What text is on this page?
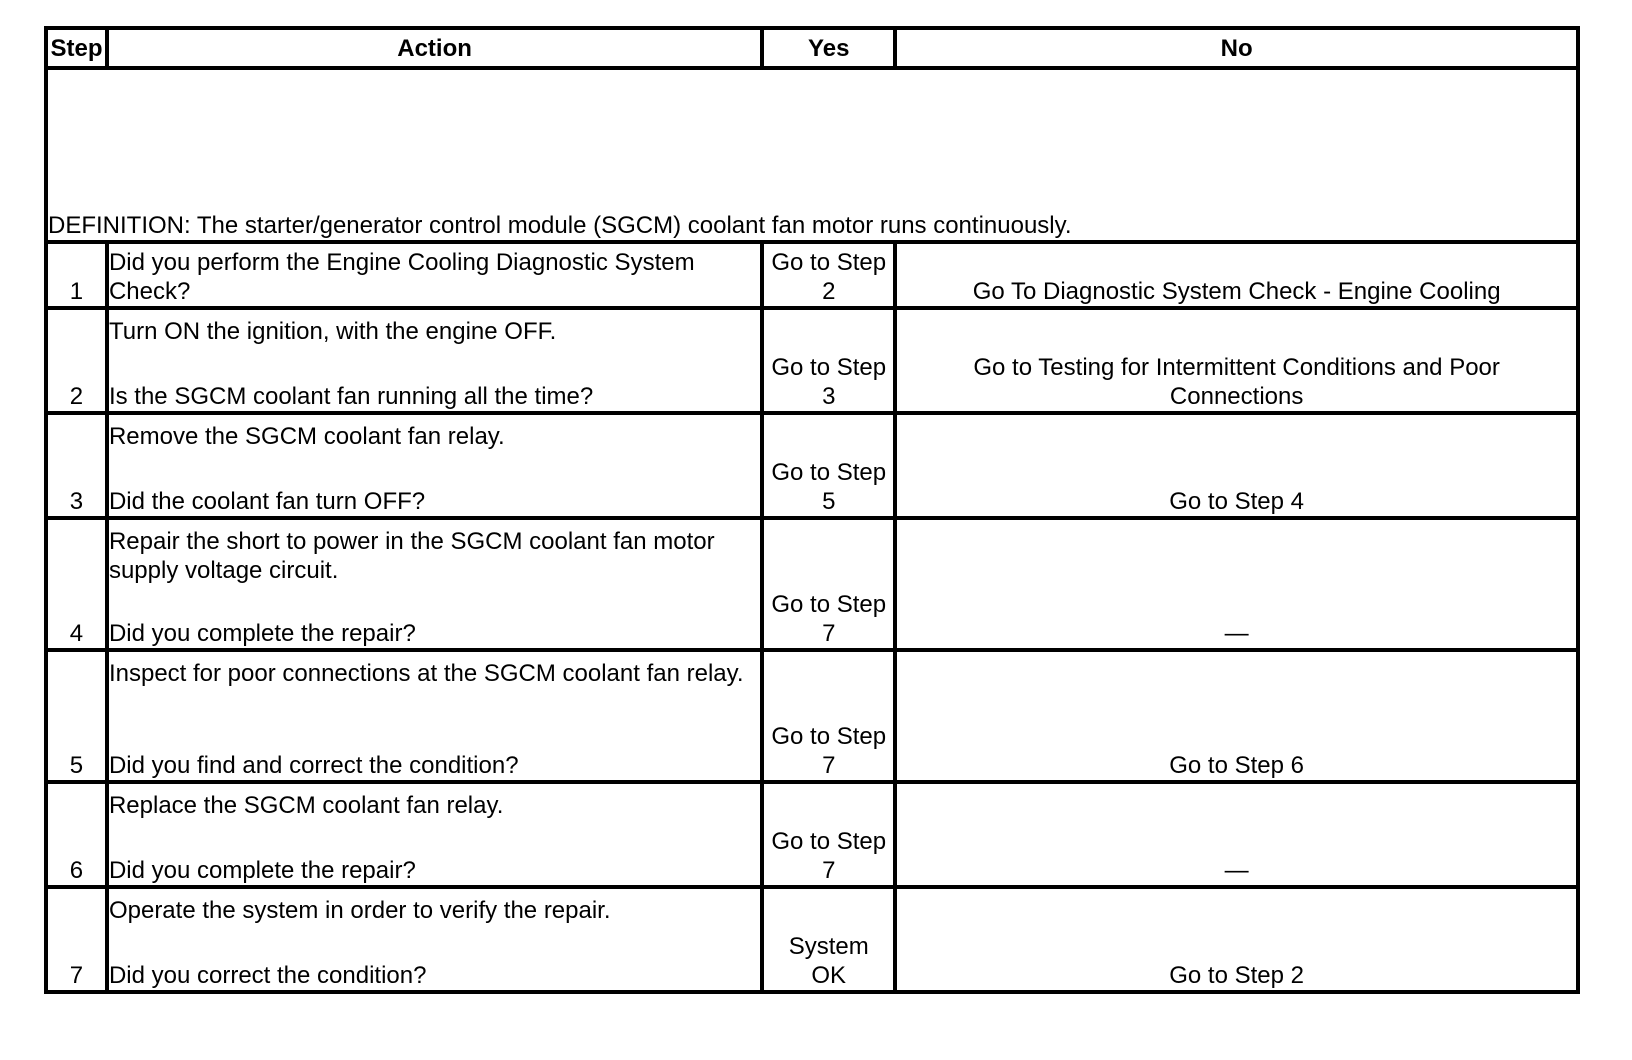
Step	Action	Yes	No
DEFINITION: The starter/generator control module (SGCM) coolant fan motor runs continuously.			
1	Did you perform the Engine Cooling Diagnostic System Check?	Go to Step 2	Go To Diagnostic System Check - Engine Cooling
2	Turn ON the ignition, with the engine OFF.
Is the SGCM coolant fan running all the time?	Go to Step 3	Go to Testing for Intermittent Conditions and Poor Connections
3	Remove the SGCM coolant fan relay.
Did the coolant fan turn OFF?	Go to Step 5	Go to Step 4
4	Repair the short to power in the SGCM coolant fan motor supply voltage circuit.
Did you complete the repair?	Go to Step 7	—
5	Inspect for poor connections at the SGCM coolant fan relay.
Did you find and correct the condition?	Go to Step 7	Go to Step 6
6	Replace the SGCM coolant fan relay.
Did you complete the repair?	Go to Step 7	—
7	Operate the system in order to verify the repair.
Did you correct the condition?	System OK	Go to Step 2
